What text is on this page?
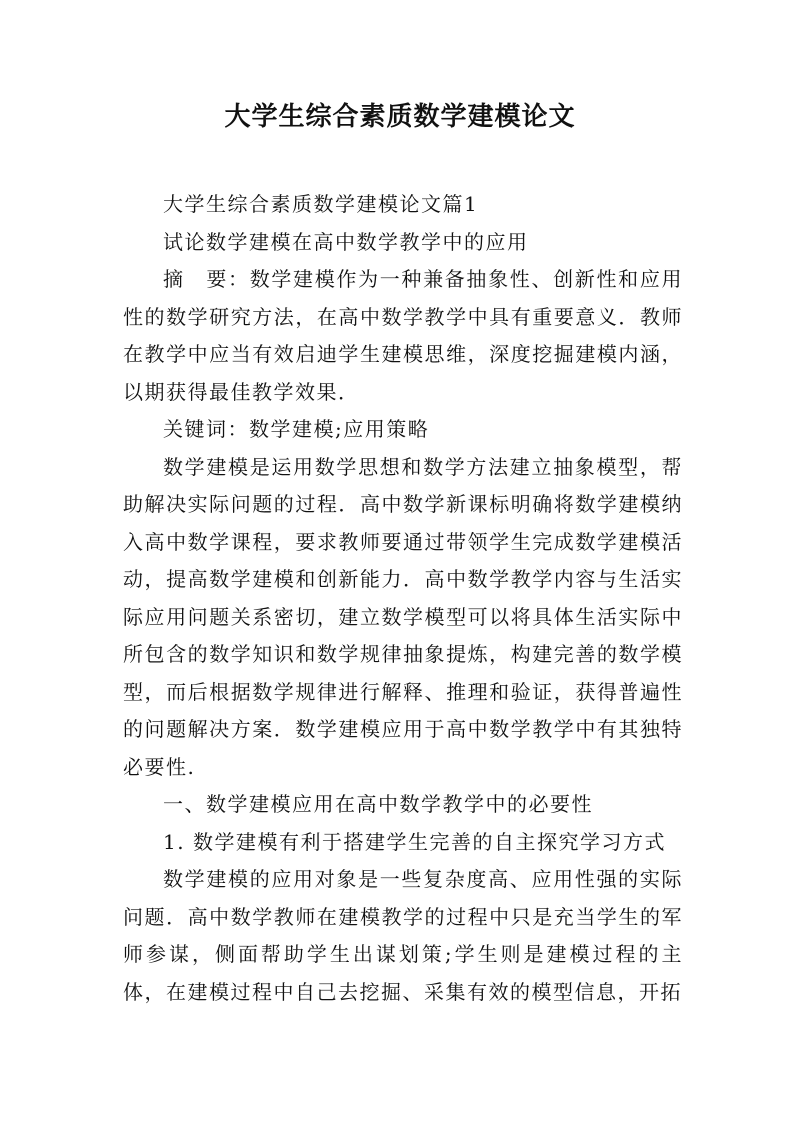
大学生综合素质数学建模论文

大学生综合素质数学建模论文篇1

试论数学建模在高中数学教学中的应用

摘　要：数学建模作为一种兼备抽象性、创新性和应用性的数学研究方法，在高中数学教学中具有重要意义．教师在教学中应当有效启迪学生建模思维，深度挖掘建模内涵，以期获得最佳教学效果．

关键词：数学建模;应用策略

数学建模是运用数学思想和数学方法建立抽象模型，帮助解决实际问题的过程．高中数学新课标明确将数学建模纳入高中数学课程，要求教师要通过带领学生完成数学建模活动，提高数学建模和创新能力．高中数学教学内容与生活实际应用问题关系密切，建立数学模型可以将具体生活实际中所包含的数学知识和数学规律抽象提炼，构建完善的数学模型，而后根据数学规律进行解释、推理和验证，获得普遍性的问题解决方案．数学建模应用于高中数学教学中有其独特必要性.

一、数学建模应用在高中数学教学中的必要性

1. 数学建模有利于搭建学生完善的自主探究学习方式

数学建模的应用对象是一些复杂度高、应用性强的实际问题．高中数学教师在建模教学的过程中只是充当学生的军师参谋，侧面帮助学生出谋划策;学生则是建模过程的主体，在建模过程中自己去挖掘、采集有效的模型信息，开拓
